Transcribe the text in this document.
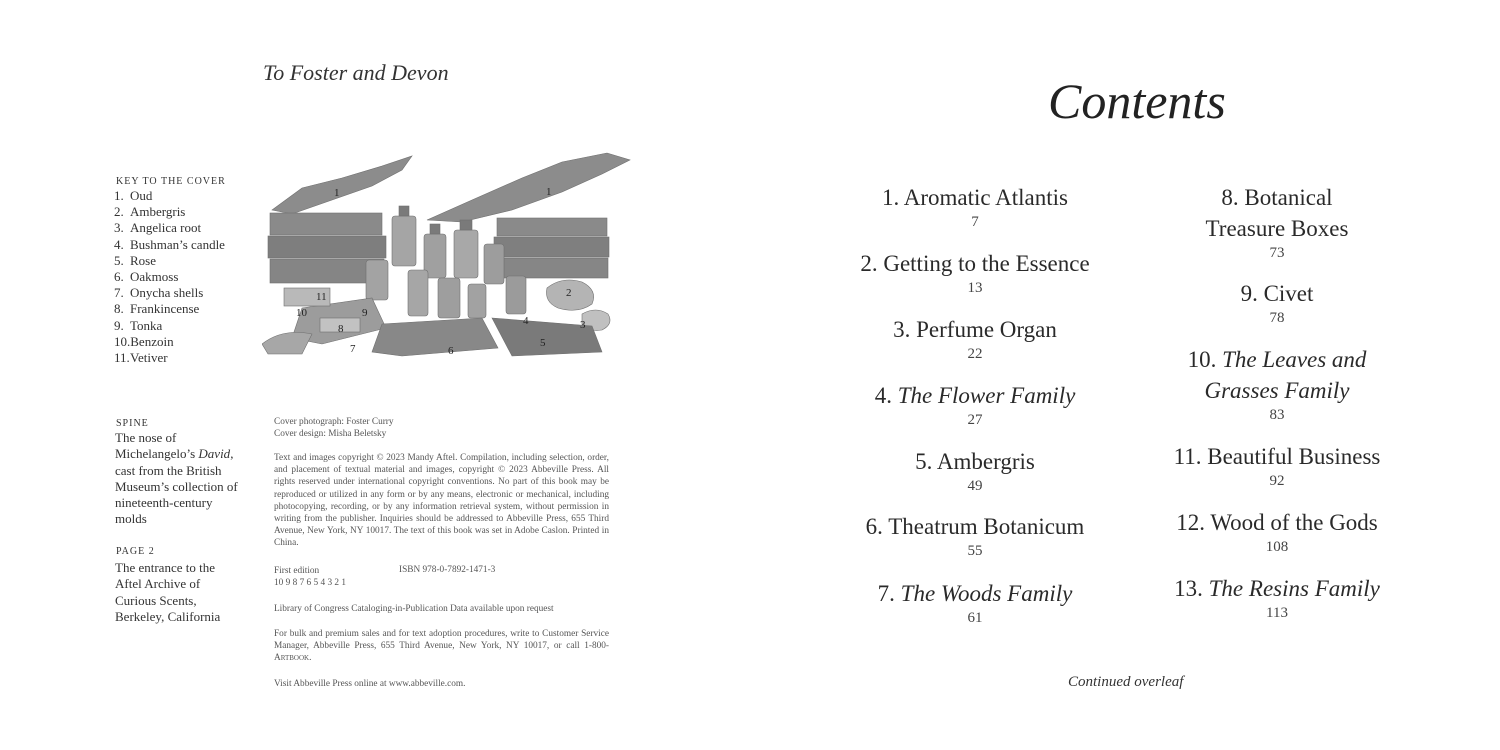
To Foster and Devon
KEY TO THE COVER
1. Oud
2. Ambergris
3. Angelica root
4. Bushman’s candle
5. Rose
6. Oakmoss
7. Onycha shells
8. Frankincense
9. Tonka
10.Benzoin
11.Vetiver
1	1
2
3
4
5
6
7
8
9
10
11
SPINE
The nose of Michelangelo’s David, cast from the British Museum’s collection of nineteenth-century molds
PAGE 2
The entrance to the Aftel Archive of Curious Scents, Berkeley, California
Cover photograph: Foster Curry
Cover design: Misha Beletsky
Text and images copyright © 2023 Mandy Aftel. Compilation, including selection, order, and placement of textual material and images, copyright © 2023 Abbeville Press. All rights reserved under international copyright conventions. No part of this book may be reproduced or utilized in any form or by any means, electronic or mechanical, including photocopying, recording, or by any information retrieval system, without permission in writing from the publisher. Inquiries should be addressed to Abbeville Press, 655 Third Avenue, New York, NY 10017. The text of this book was set in Adobe Caslon. Printed in China.
First edition
10 9 8 7 6 5 4 3 2 1
ISBN 978-0-7892-1471-3
Library of Congress Cataloging-in-Publication Data available upon request
For bulk and premium sales and for text adoption procedures, write to Customer Service Manager, Abbeville Press, 655 Third Avenue, New York, NY 10017, or call 1-800-Artbook.
Visit Abbeville Press online at www.abbeville.com.
Contents
1. Aromatic Atlantis
7
2. Getting to the Essence
13
3. Perfume Organ
22
4. The Flower Family
27
5. Ambergris
49
6. Theatrum Botanicum
55
7. The Woods Family
61
8. Botanical
Treasure Boxes
73
9. Civet
78
10. The Leaves and
Grasses Family
83
11. Beautiful Business
92
12. Wood of the Gods
108
13. The Resins Family
113
Continued overleaf
